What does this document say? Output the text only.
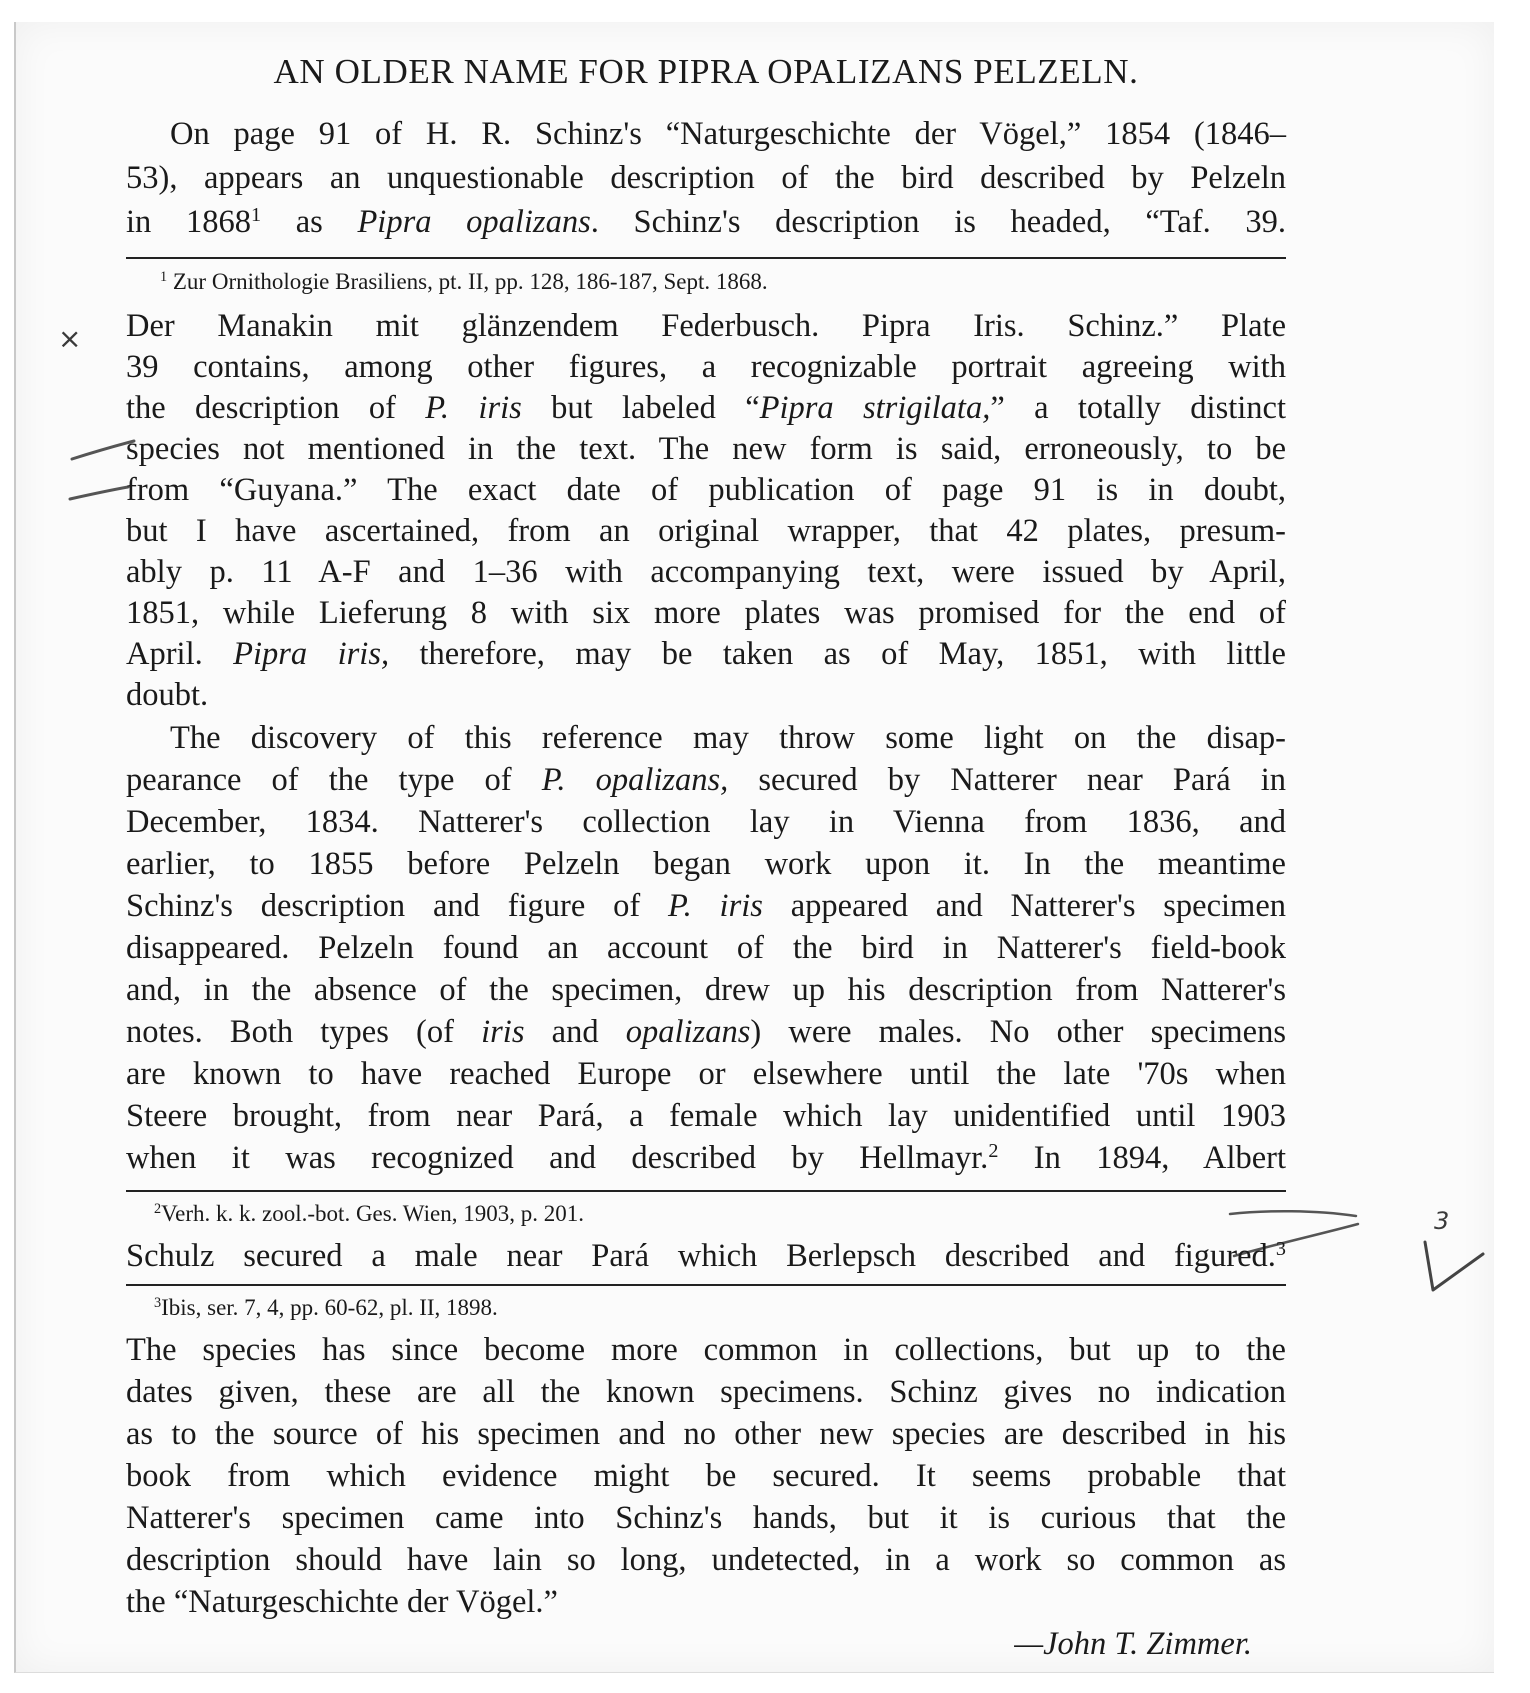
×
3
AN OLDER NAME FOR PIPRA OPALIZANS PELZELN.
On page 91 of H. R. Schinz's “Naturgeschichte der Vögel,” 1854 (1846–
53), appears an unquestionable description of the bird described by Pelzeln
in 1868$^1$ as Pipra opalizans. Schinz's description is headed, “Taf. 39.
$^1$ Zur Ornithologie Brasiliens, pt. II, pp. 128, 186-187, Sept. 1868.
Der Manakin mit glänzendem Federbusch. Pipra Iris. Schinz.” Plate
39 contains, among other figures, a recognizable portrait agreeing with
the description of P. iris but labeled “Pipra strigilata,” a totally distinct
species not mentioned in the text. The new form is said, erroneously, to be
from “Guyana.” The exact date of publication of page 91 is in doubt,
but I have ascertained, from an original wrapper, that 42 plates, presum-
ably p. 11 A-F and 1–36 with accompanying text, were issued by April,
1851, while Lieferung 8 with six more plates was promised for the end of
April. Pipra iris, therefore, may be taken as of May, 1851, with little
doubt.
The discovery of this reference may throw some light on the disap-
pearance of the type of P. opalizans, secured by Natterer near Pará in
December, 1834. Natterer's collection lay in Vienna from 1836, and
earlier, to 1855 before Pelzeln began work upon it. In the meantime
Schinz's description and figure of P. iris appeared and Natterer's specimen
disappeared. Pelzeln found an account of the bird in Natterer's field-book
and, in the absence of the specimen, drew up his description from Natterer's
notes. Both types (of iris and opalizans) were males. No other specimens
are known to have reached Europe or elsewhere until the late '70s when
Steere brought, from near Pará, a female which lay unidentified until 1903
when it was recognized and described by Hellmayr.$^2$ In 1894, Albert
$^2$Verh. k. k. zool.-bot. Ges. Wien, 1903, p. 201.
Schulz secured a male near Pará which Berlepsch described and figured.$^3$
$^3$Ibis, ser. 7, 4, pp. 60-62, pl. II, 1898.
The species has since become more common in collections, but up to the
dates given, these are all the known specimens. Schinz gives no indication
as to the source of his specimen and no other new species are described in his
book from which evidence might be secured. It seems probable that
Natterer's specimen came into Schinz's hands, but it is curious that the
description should have lain so long, undetected, in a work so common as
the “Naturgeschichte der Vögel.”
—John T. Zimmer.
